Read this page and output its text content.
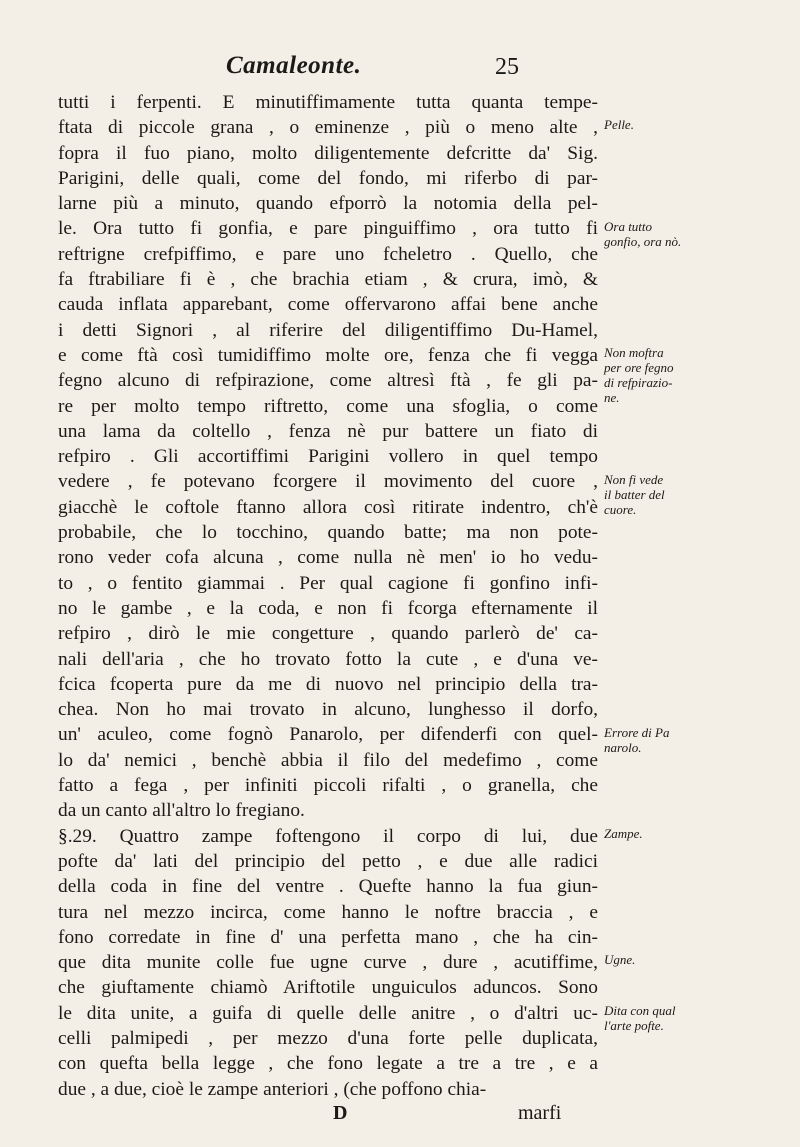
Camaleonte.	25
tutti i ferpenti. E minutiffimamente tutta quanta tempe-
ftata di piccole grana , o eminenze , più o meno alte ,
fopra il fuo piano, molto diligentemente defcritte da' Sig.
Parigini, delle quali, come del fondo, mi riferbo di par-
larne più a minuto, quando efporrò la notomia della pel-
le. Ora tutto fi gonfia, e pare pinguiffimo , ora tutto fi
reftrigne crefpiffimo, e pare uno fcheletro . Quello, che
fa ftrabiliare fi è , che brachia etiam , & crura, imò, &
cauda inflata apparebant, come offervarono affai bene anche
i detti Signori , al riferire del diligentiffimo Du-Hamel,
e come ftà così tumidiffimo molte ore, fenza che fi vegga
fegno alcuno di refpirazione, come altresì ftà , fe gli pa-
re per molto tempo riftretto, come una sfoglia, o come
una lama da coltello , fenza nè pur battere un fiato di
refpiro . Gli accortiffimi Parigini vollero in quel tempo
vedere , fe potevano fcorgere il movimento del cuore ,
giacchè le coftole ftanno allora così ritirate indentro, ch'è
probabile, che lo tocchino, quando batte; ma non pote-
rono veder cofa alcuna , come nulla nè men' io ho vedu-
to , o fentito giammai . Per qual cagione fi gonfino infi-
no le gambe , e la coda, e non fi fcorga efternamente il
refpiro , dirò le mie congetture , quando parlerò de' ca-
nali dell'aria , che ho trovato fotto la cute , e d'una ve-
fcica fcoperta pure da me di nuovo nel principio della tra-
chea. Non ho mai trovato in alcuno, lunghesso il dorfo,
un' aculeo, come fognò Panarolo, per difenderfi con quel-
lo da' nemici , benchè abbia il filo del medefimo , come
fatto a fega , per infiniti piccoli rifalti , o granella, che
da un canto all'altro lo fregiano.
§.29. Quattro zampe foftengono il corpo di lui, due
pofte da' lati del principio del petto , e due alle radici
della coda in fine del ventre . Quefte hanno la fua giun-
tura nel mezzo incirca, come hanno le noftre braccia , e
fono corredate in fine d' una perfetta mano , che ha cin-
que dita munite colle fue ugne curve , dure , acutiffime,
che giuftamente chiamò Ariftotile unguiculos aduncos. Sono
le dita unite, a guifa di quelle delle anitre , o d'altri uc-
celli palmipedi , per mezzo d'una forte pelle duplicata,
con quefta bella legge , che fono legate a tre a tre , e a
due , a due, cioè le zampe anteriori , (che poffono chia-
Pelle.
Ora tutto
gonfio, ora nò.
Non moftra
per ore fegno
di refpirazio-
ne.
Non fi vede
il batter del
cuore.
Errore di Pa
narolo.
Zampe.
Ugne.
Dita con qual
l'arte pofte.
D	marfi
